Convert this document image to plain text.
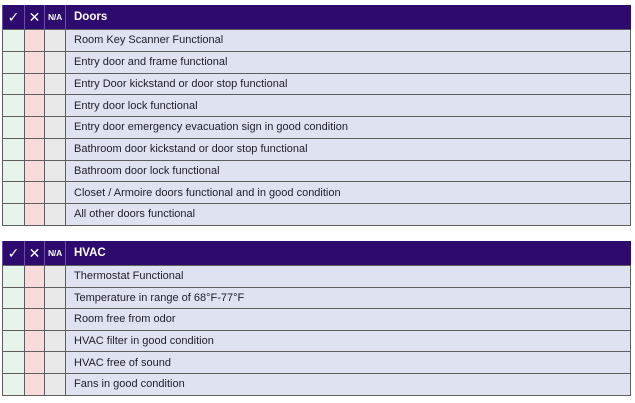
✓	✕	N/A	Doors
			Room Key Scanner Functional
			Entry door and frame functional
			Entry Door kickstand or door stop functional
			Entry door lock functional
			Entry door emergency evacuation sign in good condition
			Bathroom door kickstand or door stop functional
			Bathroom door lock functional
			Closet / Armoire doors functional and in good condition
			All other doors functional
✓	✕	N/A	HVAC
			Thermostat Functional
			Temperature in range of 68°F-77°F
			Room free from odor
			HVAC filter in good condition
			HVAC free of sound
			Fans in good condition
